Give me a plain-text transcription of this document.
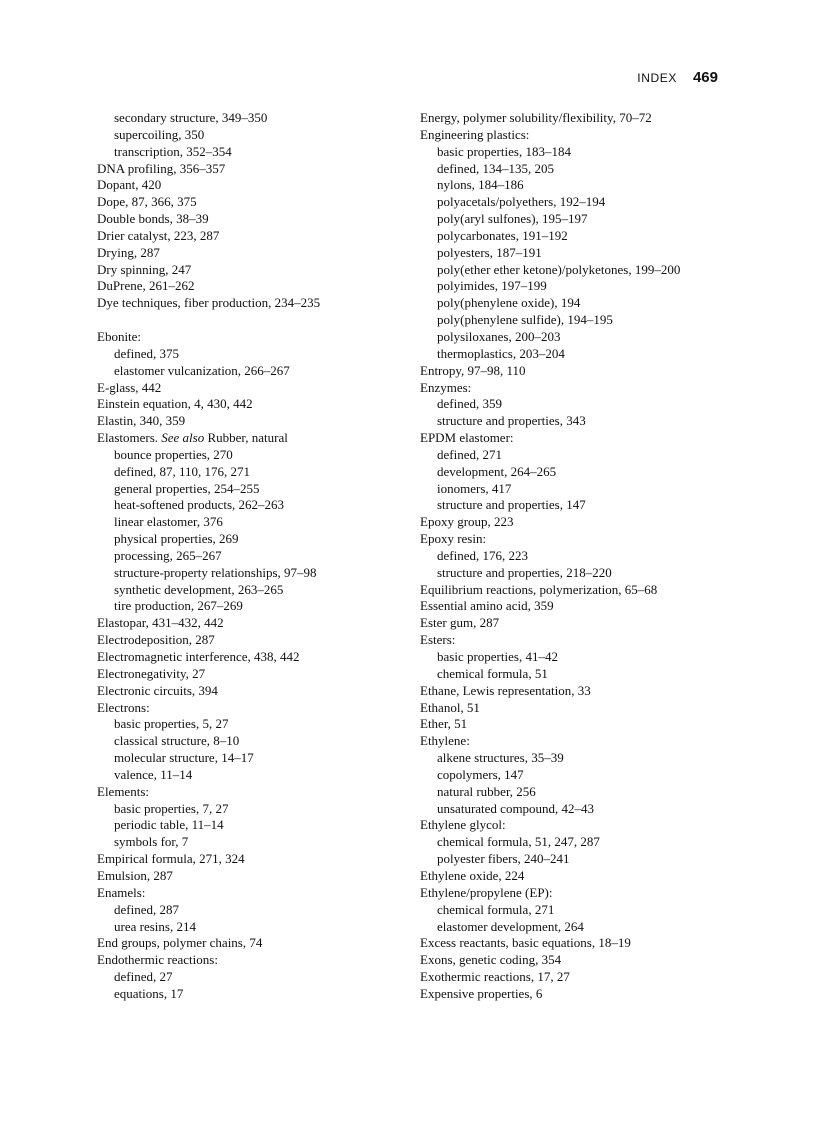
INDEX 469
secondary structure, 349–350
supercoiling, 350
transcription, 352–354
DNA profiling, 356–357
Dopant, 420
Dope, 87, 366, 375
Double bonds, 38–39
Drier catalyst, 223, 287
Drying, 287
Dry spinning, 247
DuPrene, 261–262
Dye techniques, fiber production, 234–235
Ebonite:
defined, 375
elastomer vulcanization, 266–267
E-glass, 442
Einstein equation, 4, 430, 442
Elastin, 340, 359
Elastomers. See also Rubber, natural
bounce properties, 270
defined, 87, 110, 176, 271
general properties, 254–255
heat-softened products, 262–263
linear elastomer, 376
physical properties, 269
processing, 265–267
structure-property relationships, 97–98
synthetic development, 263–265
tire production, 267–269
Elastopar, 431–432, 442
Electrodeposition, 287
Electromagnetic interference, 438, 442
Electronegativity, 27
Electronic circuits, 394
Electrons:
basic properties, 5, 27
classical structure, 8–10
molecular structure, 14–17
valence, 11–14
Elements:
basic properties, 7, 27
periodic table, 11–14
symbols for, 7
Empirical formula, 271, 324
Emulsion, 287
Enamels:
defined, 287
urea resins, 214
End groups, polymer chains, 74
Endothermic reactions:
defined, 27
equations, 17
Energy, polymer solubility/flexibility, 70–72
Engineering plastics:
basic properties, 183–184
defined, 134–135, 205
nylons, 184–186
polyacetals/polyethers, 192–194
poly(aryl sulfones), 195–197
polycarbonates, 191–192
polyesters, 187–191
poly(ether ether ketone)/polyketones, 199–200
polyimides, 197–199
poly(phenylene oxide), 194
poly(phenylene sulfide), 194–195
polysiloxanes, 200–203
thermoplastics, 203–204
Entropy, 97–98, 110
Enzymes:
defined, 359
structure and properties, 343
EPDM elastomer:
defined, 271
development, 264–265
ionomers, 417
structure and properties, 147
Epoxy group, 223
Epoxy resin:
defined, 176, 223
structure and properties, 218–220
Equilibrium reactions, polymerization, 65–68
Essential amino acid, 359
Ester gum, 287
Esters:
basic properties, 41–42
chemical formula, 51
Ethane, Lewis representation, 33
Ethanol, 51
Ether, 51
Ethylene:
alkene structures, 35–39
copolymers, 147
natural rubber, 256
unsaturated compound, 42–43
Ethylene glycol:
chemical formula, 51, 247, 287
polyester fibers, 240–241
Ethylene oxide, 224
Ethylene/propylene (EP):
chemical formula, 271
elastomer development, 264
Excess reactants, basic equations, 18–19
Exons, genetic coding, 354
Exothermic reactions, 17, 27
Expensive properties, 6
